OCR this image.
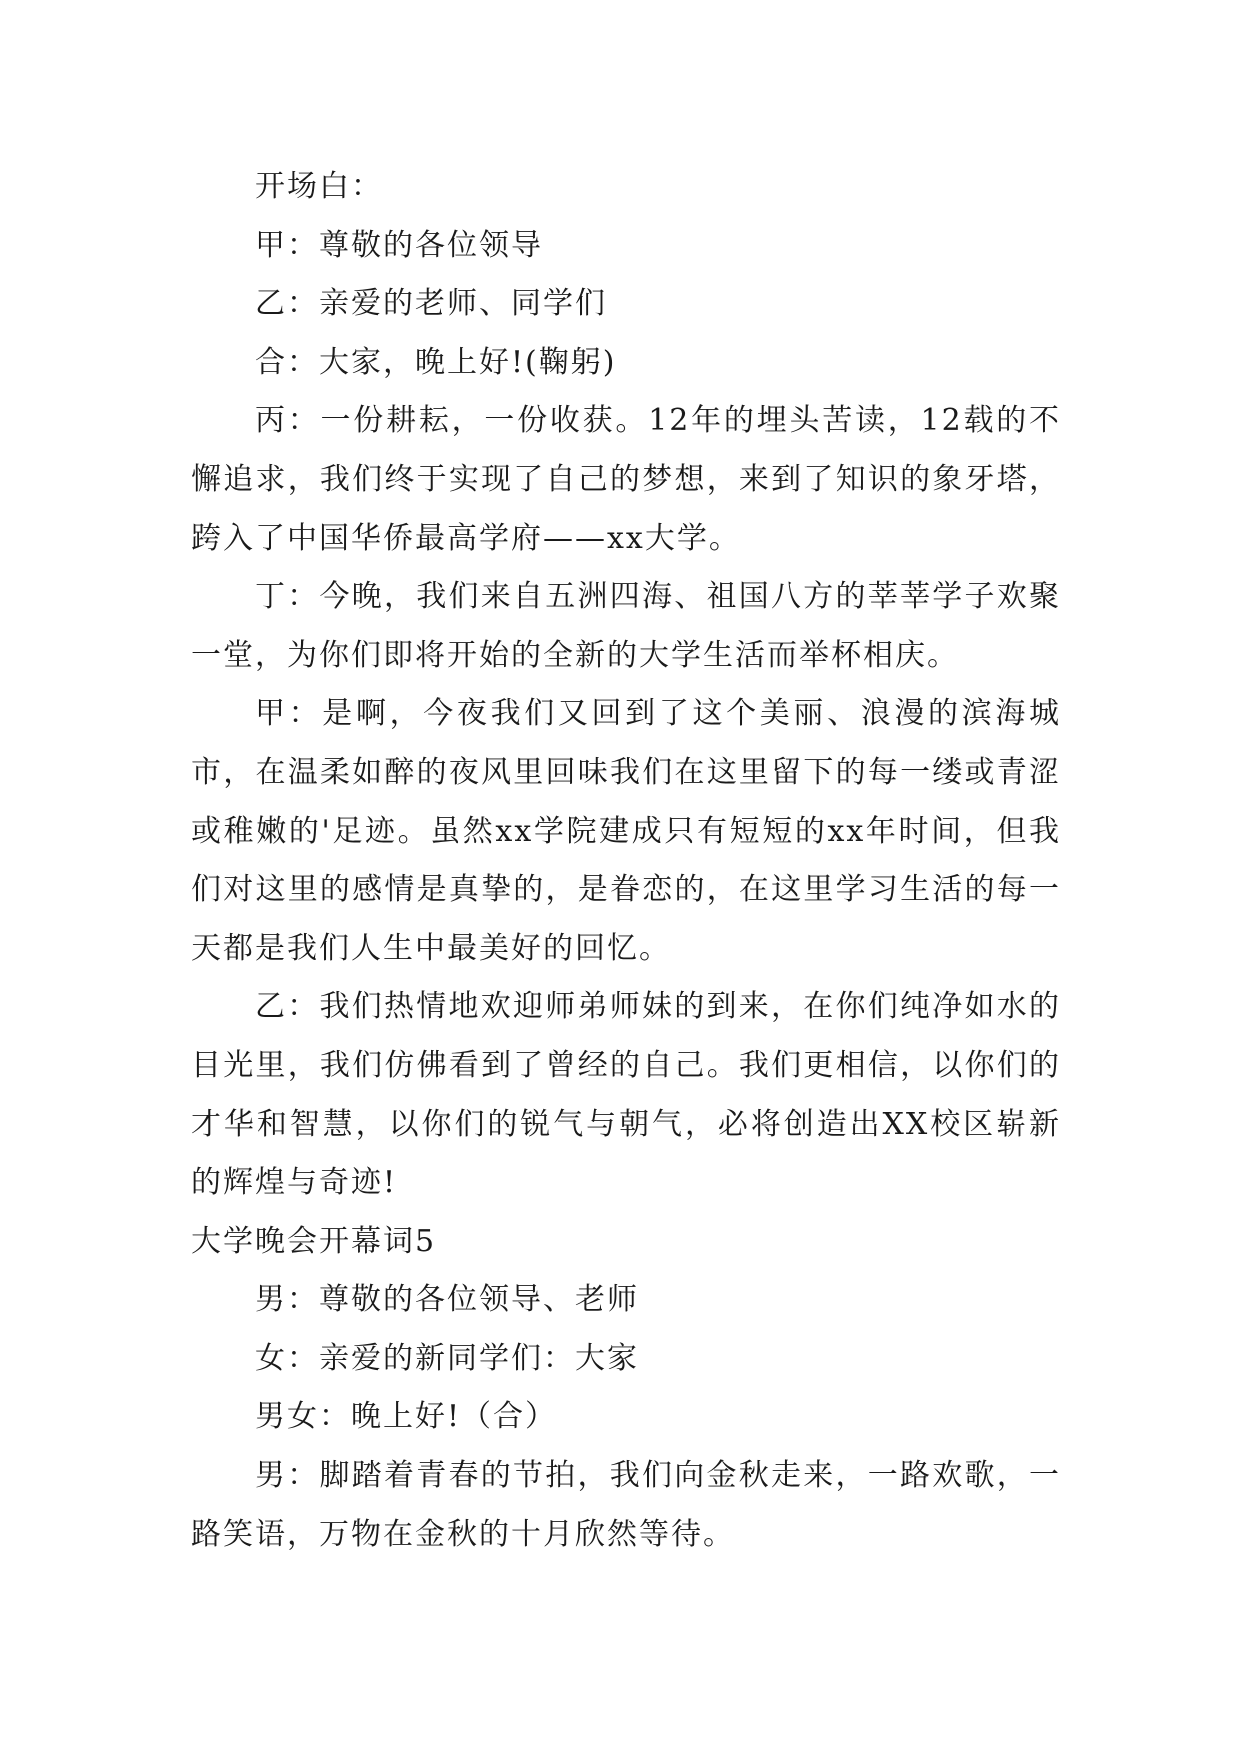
开场白：

甲：尊敬的各位领导

乙：亲爱的老师、同学们

合：大家，晚上好!(鞠躬)

丙：一份耕耘，一份收获。12年的埋头苦读，12载的不懈追求，我们终于实现了自己的梦想，来到了知识的象牙塔，跨入了中国华侨最高学府——xx大学。

丁：今晚，我们来自五洲四海、祖国八方的莘莘学子欢聚一堂，为你们即将开始的全新的大学生活而举杯相庆。

甲：是啊，今夜我们又回到了这个美丽、浪漫的滨海城市，在温柔如醉的夜风里回味我们在这里留下的每一缕或青涩或稚嫩的'足迹。虽然xx学院建成只有短短的xx年时间，但我们对这里的感情是真挚的，是眷恋的，在这里学习生活的每一天都是我们人生中最美好的回忆。

乙：我们热情地欢迎师弟师妹的到来，在你们纯净如水的目光里，我们仿佛看到了曾经的自己。我们更相信，以你们的才华和智慧，以你们的锐气与朝气，必将创造出XX校区崭新的辉煌与奇迹!

大学晚会开幕词5

男：尊敬的各位领导、老师

女：亲爱的新同学们：大家

男女：晚上好!（合）

男：脚踏着青春的节拍，我们向金秋走来，一路欢歌，一路笑语，万物在金秋的十月欣然等待。
